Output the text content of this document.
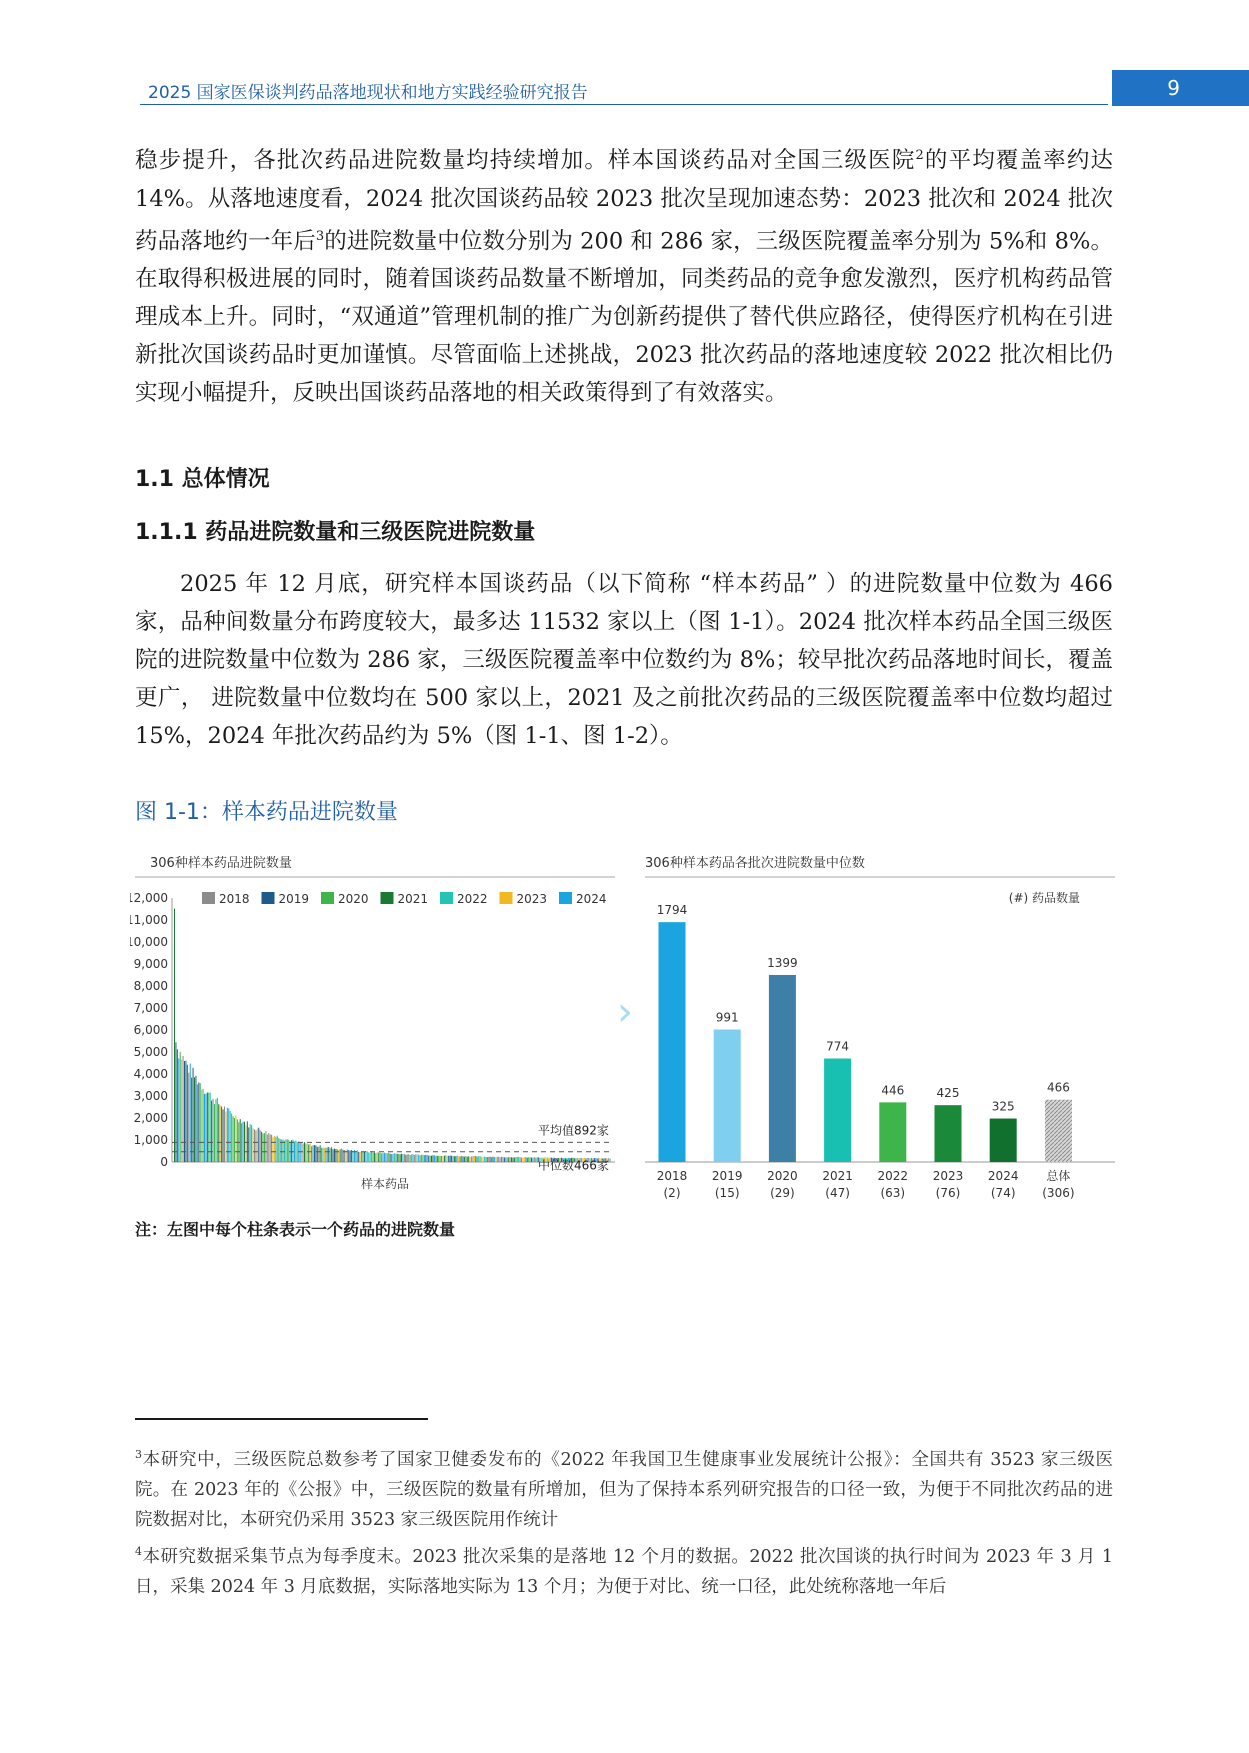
2025 国家医保谈判药品落地现状和地方实践经验研究报告	9

稳步提升，各批次药品进院数量均持续增加。样本国谈药品对全国三级医院$^2$的平均覆盖率约达 14%。从落地速度看，2024 批次国谈药品较 2023 批次呈现加速态势：2023 批次和 2024 批次药品落地约一年后$^3$的进院数量中位数分别为 200 和 286 家，三级医院覆盖率分别为 5%和 8%。在取得积极进展的同时，随着国谈药品数量不断增加，同类药品的竞争愈发激烈，医疗机构药品管理成本上升。同时，“双通道”管理机制的推广为创新药提供了替代供应路径，使得医疗机构在引进新批次国谈药品时更加谨慎。尽管面临上述挑战，2023 批次药品的落地速度较 2022 批次相比仍实现小幅提升，反映出国谈药品落地的相关政策得到了有效落实。

1.1 总体情况
1.1.1 药品进院数量和三级医院进院数量

2025 年 12 月底，研究样本国谈药品（以下简称 “样本药品” ）的进院数量中位数为 466 家，品种间数量分布跨度较大，最多达 11532 家以上（图 1-1）。2024 批次样本药品全国三级医院的进院数量中位数为 286 家，三级医院覆盖率中位数约为 8%；较早批次药品落地时间长，覆盖更广， 进院数量中位数均在 500 家以上，2021 及之前批次药品的三级医院覆盖率中位数均超过 15%，2024 年批次药品约为 5%（图 1-1、图 1-2）。

图 1-1：样本药品进院数量
306种样本药品进院数量
0
1,000
2,000
3,000
4,000
5,000
6,000
7,000
8,000
9,000
10,000
11,000
12,000	2018 2019 2020 2021 2022 2023 2024
平均值892家
中位数466家
样本药品
›
306种样本药品各批次进院数量中位数
(#) 药品数量
1794
2018
(2)
991
2019
(15)
1399
2020
(29)
774
2021
(47)
446
2022
(63)
425
2023
(76)
325
2024
(74)
466
总体
(306)
注：左图中每个柱条表示一个药品的进院数量

$^3$本研究中，三级医院总数参考了国家卫健委发布的《2022 年我国卫生健康事业发展统计公报》：全国共有 3523 家三级医院。在 2023 年的《公报》中，三级医院的数量有所增加，但为了保持本系列研究报告的口径一致，为便于不同批次药品的进院数据对比，本研究仍采用 3523 家三级医院用作统计

$^4$本研究数据采集节点为每季度末。2023 批次采集的是落地 12 个月的数据。2022 批次国谈的执行时间为 2023 年 3 月 1 日，采集 2024 年 3 月底数据，实际落地实际为 13 个月；为便于对比、统一口径，此处统称落地一年后
